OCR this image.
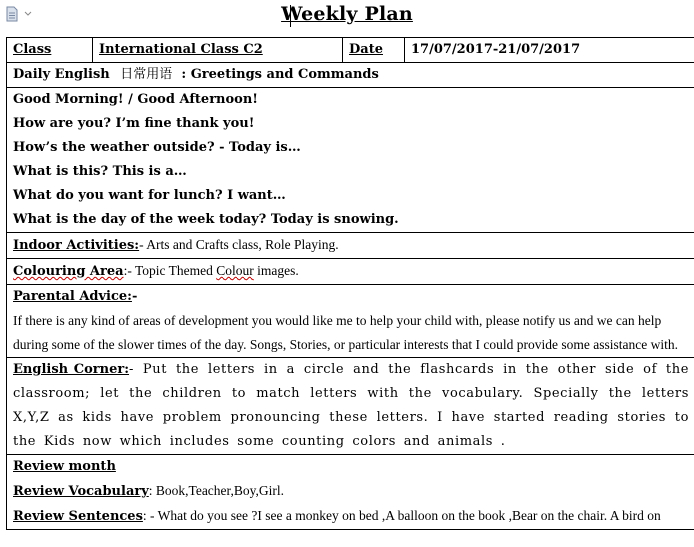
Weekly Plan
Class	International Class C2	Date	17/07/2017-21/07/2017
Daily English 日常用语  : Greetings and Commands

Good Morning! / Good Afternoon!
How are you? I’m fine thank you!
How’s the weather outside? - Today is…
What is this? This is a…
What do you want for lunch? I want…
What is the day of the week today? Today is snowing.

Indoor Activities:- Arts and Crafts class, Role Playing.
Colouring Area:- Topic Themed Colour images.

Parental Advice:-
If there is any kind of areas of development you would like me to help your child with, please notify us and we can help during some of the slower times of the day. Songs, Stories, or particular interests that I could provide some assistance with.

English Corner:- Put the letters in a circle and the flashcards in the other side of the classroom; let the children to match letters with the vocabulary. Specially the letters X,Y,Z as kids have problem pronouncing these letters. I have started reading stories to the Kids now which includes some counting colors and animals .

Review month
Review Vocabulary: Book,Teacher,Boy,Girl.
Review Sentences: - What do you see ?I see a monkey on bed ,A balloon on the book ,Bear on the chair. A bird on
